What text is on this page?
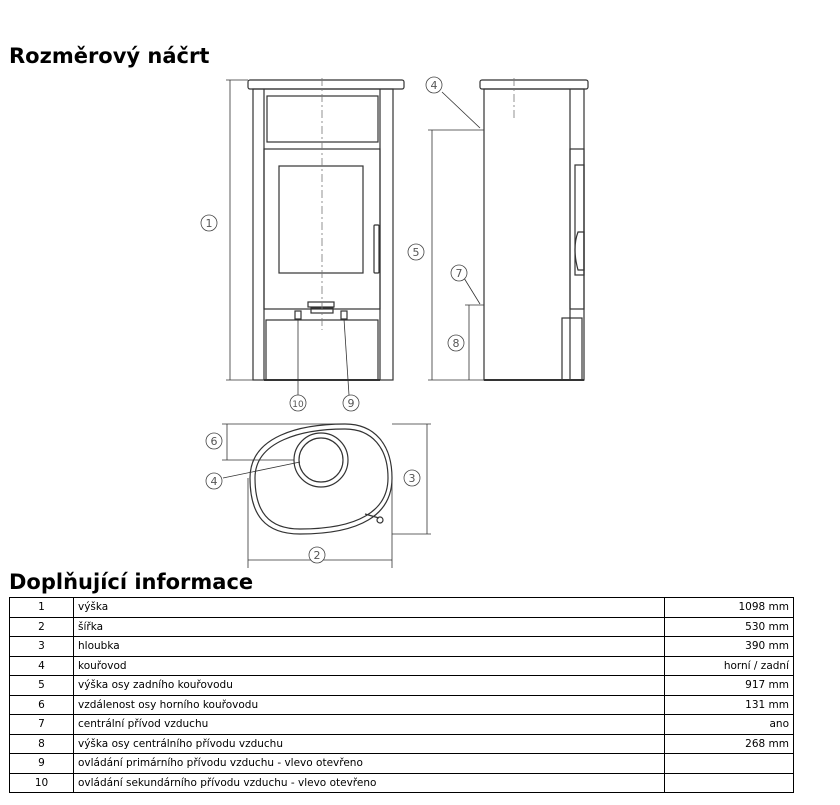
Rozměrový náčrt
1
4
5
7
8
10	9
6
4	3
2
Doplňující informace
1	výška	1098 mm
2	šířka	530 mm
3	hloubka	390 mm
4	kouřovod	horní / zadní
5	výška osy zadního kouřovodu	917 mm
6	vzdálenost osy horního kouřovodu	131 mm
7	centrální přívod vzduchu	ano
8	výška osy centrálního přívodu vzduchu	268 mm
9	ovládání primárního přívodu vzduchu - vlevo otevřeno	
10	ovládání sekundárního přívodu vzduchu - vlevo otevřeno	
